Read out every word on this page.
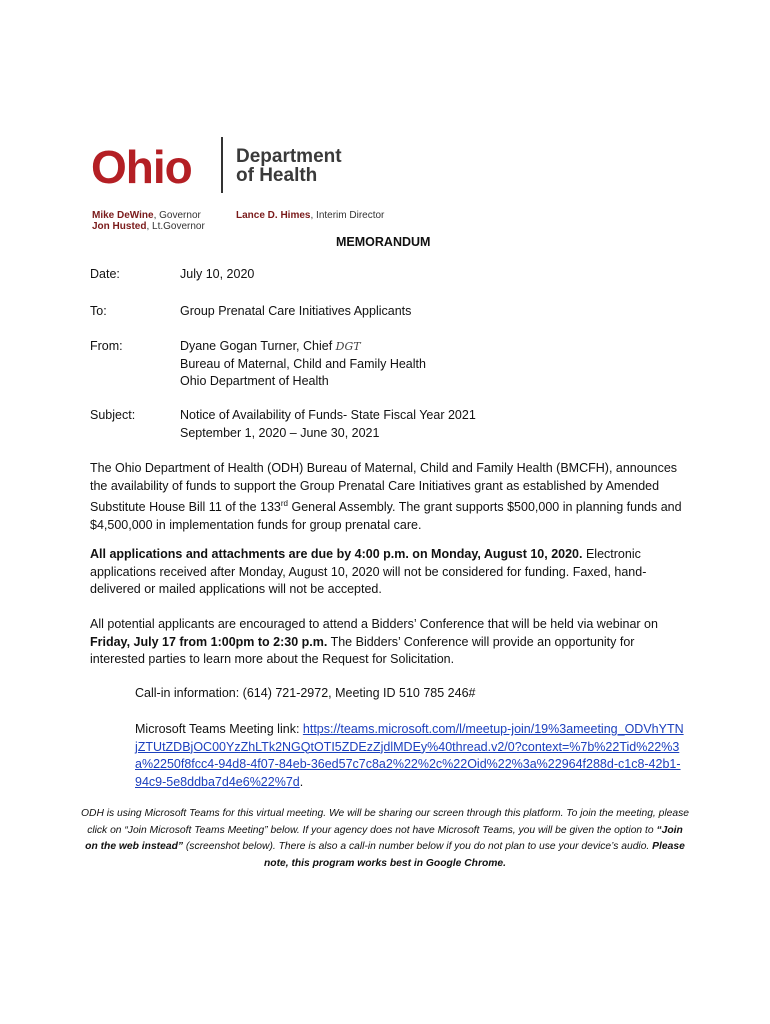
Ohio Department
of Health
Mike DeWine, Governor
Jon Husted, Lt.Governor
Lance D. Himes, Interim Director
MEMORANDUM
Date:	July 10, 2020
To:	Group Prenatal Care Initiatives Applicants
From:	Dyane Gogan Turner, Chief DGT
Bureau of Maternal, Child and Family Health
Ohio Department of Health
Subject:	Notice of Availability of Funds- State Fiscal Year 2021
September 1, 2020 – June 30, 2021
The Ohio Department of Health (ODH) Bureau of Maternal, Child and Family Health (BMCFH), announces the availability of funds to support the Group Prenatal Care Initiatives grant as established by Amended Substitute House Bill 11 of the 133rd General Assembly. The grant supports $500,000 in planning funds and $4,500,000 in implementation funds for group prenatal care.
All applications and attachments are due by 4:00 p.m. on Monday, August 10, 2020. Electronic applications received after Monday, August 10, 2020 will not be considered for funding. Faxed, hand-delivered or mailed applications will not be accepted.
All potential applicants are encouraged to attend a Bidders’ Conference that will be held via webinar on Friday, July 17 from 1:00pm to 2:30 p.m. The Bidders’ Conference will provide an opportunity for interested parties to learn more about the Request for Solicitation.
Call-in information: (614) 721-2972, Meeting ID 510 785 246#
Microsoft Teams Meeting link: https://teams.microsoft.com/l/meetup-join/19%3ameeting_ODVhYTNjZTUtZDBjOC00YzZhLTk2NGQtOTI5ZDEzZjdlMDEy%40thread.v2/0?context=%7b%22Tid%22%3a%2250f8fcc4-94d8-4f07-84eb-36ed57c7c8a2%22%2c%22Oid%22%3a%22964f288d-c1c8-42b1-94c9-5e8ddba7d4e6%22%7d.
ODH is using Microsoft Teams for this virtual meeting. We will be sharing our screen through this platform. To join the meeting, please click on “Join Microsoft Teams Meeting” below. If your agency does not have Microsoft Teams, you will be given the option to “Join on the web instead” (screenshot below). There is also a call-in number below if you do not plan to use your device’s audio. Please note, this program works best in Google Chrome.
